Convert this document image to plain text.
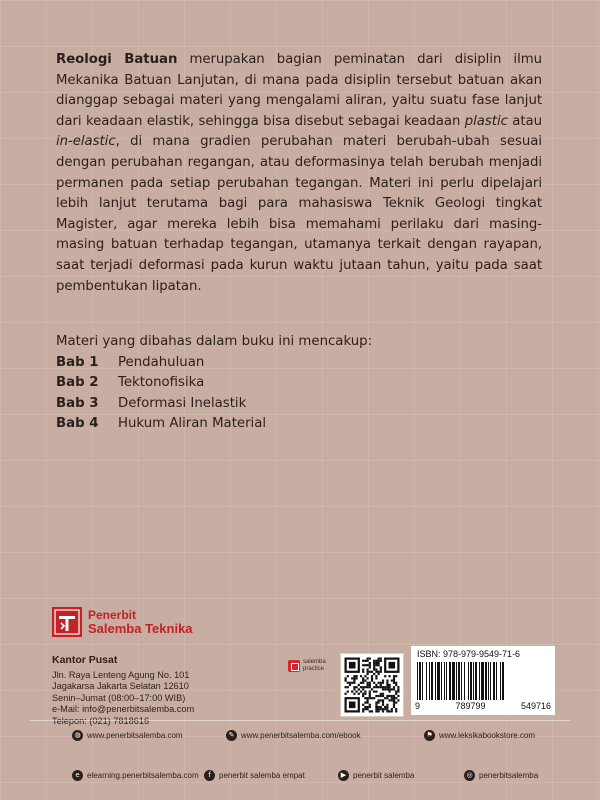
Reologi Batuan merupakan bagian peminatan dari disiplin ilmu Mekanika Batuan Lanjutan, di mana pada disiplin tersebut batuan akan dianggap sebagai materi yang mengalami aliran, yaitu suatu fase lanjut dari keadaan elastik, sehingga bisa disebut sebagai keadaan plastic atau in-elastic, di mana gradien perubahan materi berubah-ubah sesuai dengan perubahan regangan, atau deformasinya telah berubah menjadi permanen pada setiap perubahan tegangan. Materi ini perlu dipelajari lebih lanjut terutama bagi para mahasiswa Teknik Geologi tingkat Magister, agar mereka lebih bisa memahami perilaku dari masing-masing batuan terhadap tegangan, utamanya terkait dengan rayapan, saat terjadi deformasi pada kurun waktu jutaan tahun, yaitu pada saat pembentukan lipatan.
Materi yang dibahas dalam buku ini mencakup:
Bab 1	Pendahuluan
Bab 2	Tektonofisika
Bab 3	Deformasi Inelastik
Bab 4	Hukum Aliran Material
Penerbit
Salemba Teknika
Kantor Pusat
Jln. Raya Lenteng Agung No. 101
Jagakarsa Jakarta Selatan 12610
Senin–Jumat (08:00–17:00 WIB)
e-Mail: info@penerbitsalemba.com
Telepon: (021) 7818616
salemba
practice
ISBN: 978-979-9549-71-6
9	789799	549716
◍ www.penerbitsalemba.com	✎ www.penerbitsalemba.com/ebook	⚑ www.leksikabookstore.com
e elearning.penerbitsalemba.com	f	penerbit salemba empat	▶ penerbit salemba	◎ penerbitsalemba
